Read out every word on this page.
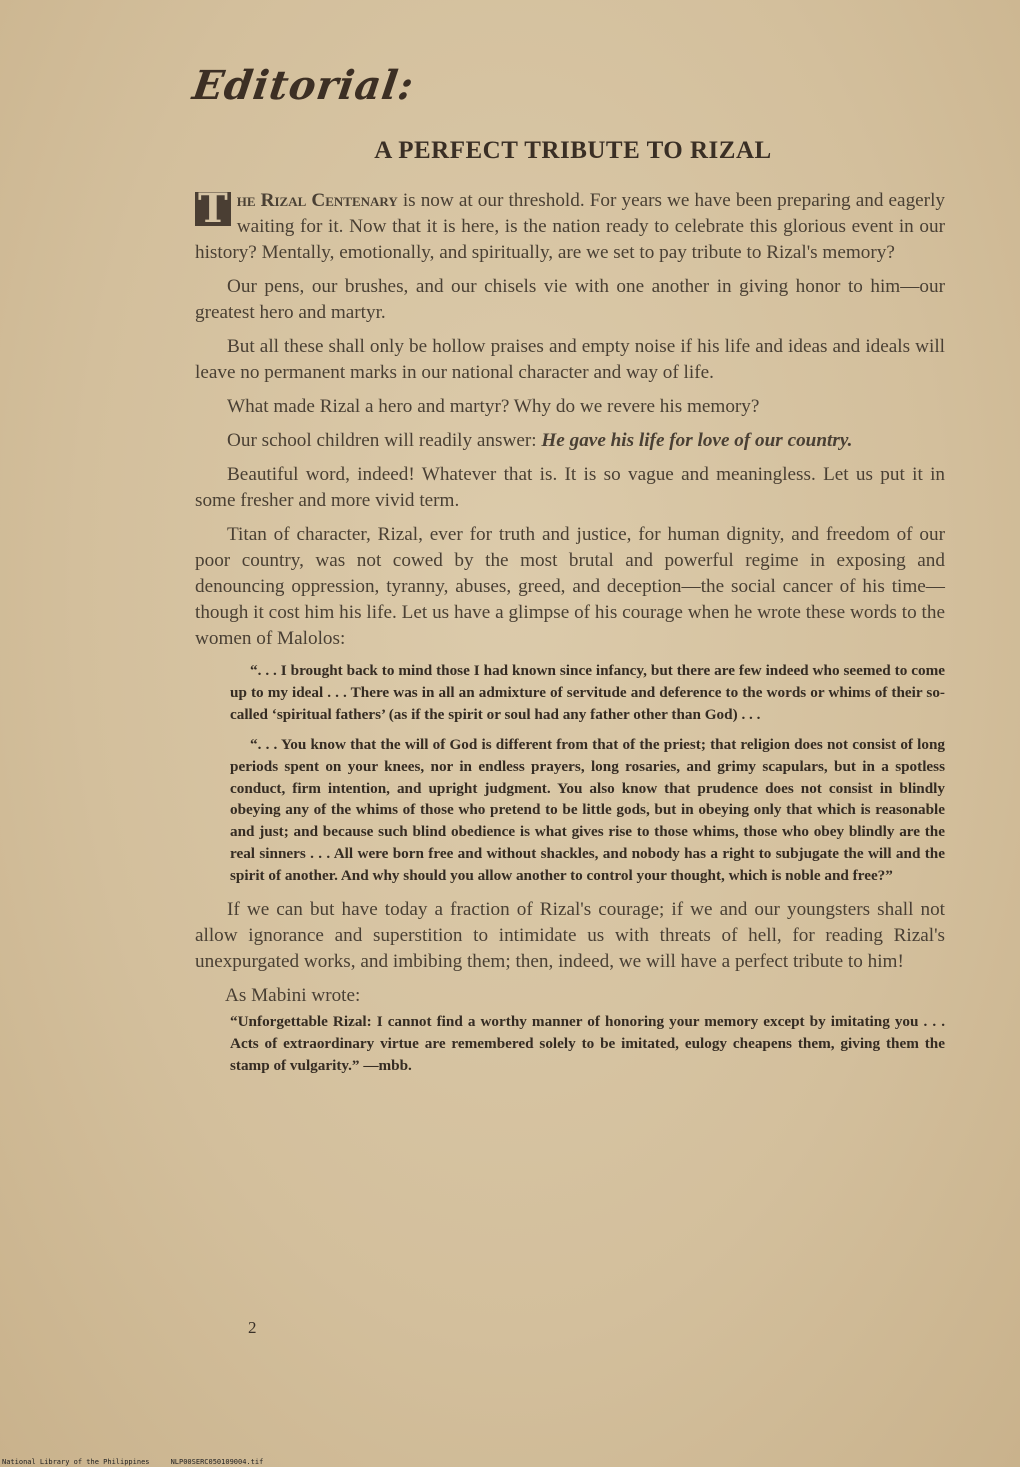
Editorial:
A PERFECT TRIBUTE TO RIZAL

T he Rizal Centenary is now at our threshold. For years we have been preparing and eagerly waiting for it. Now that it is here, is the nation ready to celebrate this glorious event in our history? Mentally, emotionally, and spiritually, are we set to pay tribute to Rizal's memory?

Our pens, our brushes, and our chisels vie with one another in giving honor to him—our greatest hero and martyr.

But all these shall only be hollow praises and empty noise if his life and ideas and ideals will leave no permanent marks in our national character and way of life.

What made Rizal a hero and martyr? Why do we revere his memory?

Our school children will readily answer: He gave his life for love of our country.

Beautiful word, indeed! Whatever that is. It is so vague and meaningless. Let us put it in some fresher and more vivid term.

Titan of character, Rizal, ever for truth and justice, for human dignity, and freedom of our poor country, was not cowed by the most brutal and powerful regime in exposing and denouncing oppression, tyranny, abuses, greed, and deception—the social cancer of his time—though it cost him his life. Let us have a glimpse of his courage when he wrote these words to the women of Malolos:

“. . . I brought back to mind those I had known since infancy, but there are few indeed who seemed to come up to my ideal . . . There was in all an admixture of servitude and deference to the words or whims of their so-called ‘spiritual fathers’ (as if the spirit or soul had any father other than God) . . .

“. . . You know that the will of God is different from that of the priest; that religion does not consist of long periods spent on your knees, nor in endless prayers, long rosaries, and grimy scapulars, but in a spotless conduct, firm intention, and upright judgment. You also know that prudence does not consist in blindly obeying any of the whims of those who pretend to be little gods, but in obeying only that which is reasonable and just; and because such blind obedience is what gives rise to those whims, those who obey blindly are the real sinners . . . All were born free and without shackles, and nobody has a right to subjugate the will and the spirit of another. And why should you allow another to control your thought, which is noble and free?”

If we can but have today a fraction of Rizal's courage; if we and our youngsters shall not allow ignorance and superstition to intimidate us with threats of hell, for reading Rizal's unexpurgated works, and imbibing them; then, indeed, we will have a perfect tribute to him!

As Mabini wrote:

“Unforgettable Rizal: I cannot find a worthy manner of honoring your memory except by imitating you . . . Acts of extraordinary virtue are remembered solely to be imitated, eulogy cheapens them, giving them the stamp of vulgarity.” —mbb.

2
National Library of the Philippines     NLP00SERC050109004.tif
